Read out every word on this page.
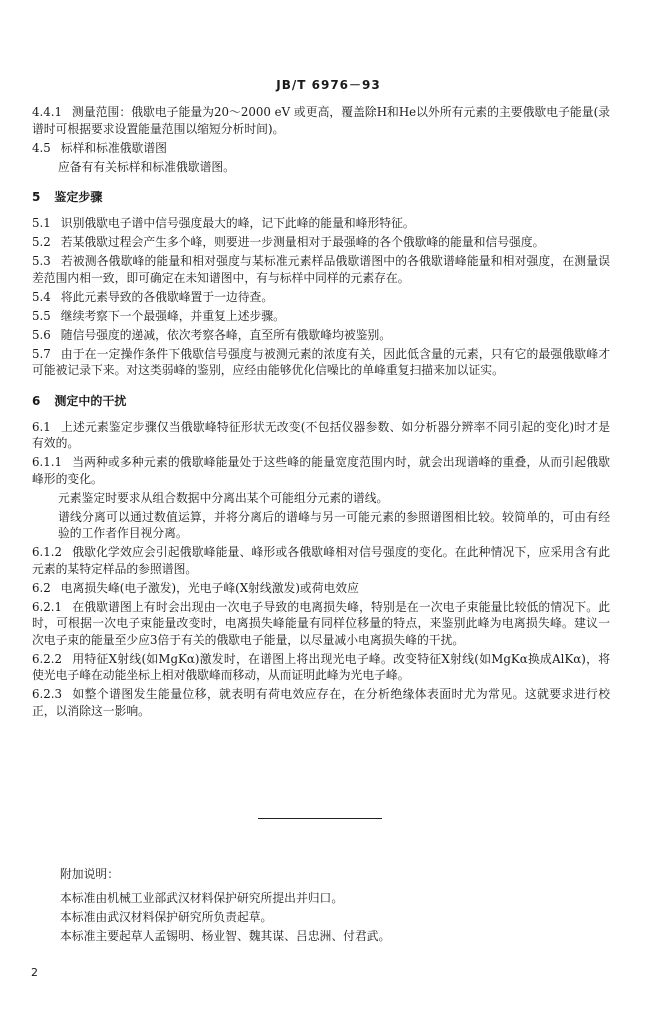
JB/T 6976－93
4.4.1 测量范围：俄歇电子能量为20～2000 eV 或更高，覆盖除H和He以外所有元素的主要俄歇电子能量(录谱时可根据要求设置能量范围以缩短分析时间)。
4.5 标样和标准俄歇谱图
应备有有关标样和标准俄歇谱图。
5 鉴定步骤
5.1 识别俄歇电子谱中信号强度最大的峰，记下此峰的能量和峰形特征。
5.2 若某俄歇过程会产生多个峰，则要进一步测量相对于最强峰的各个俄歇峰的能量和信号强度。
5.3 若被测各俄歇峰的能量和相对强度与某标准元素样品俄歇谱图中的各俄歇谱峰能量和相对强度，在测量误差范围内相一致，即可确定在未知谱图中，有与标样中同样的元素存在。
5.4 将此元素导致的各俄歇峰置于一边待查。
5.5 继续考察下一个最强峰，并重复上述步骤。
5.6 随信号强度的递减，依次考察各峰，直至所有俄歇峰均被鉴别。
5.7 由于在一定操作条件下俄歇信号强度与被测元素的浓度有关，因此低含量的元素，只有它的最强俄歇峰才可能被记录下来。对这类弱峰的鉴别，应经由能够优化信噪比的单峰重复扫描来加以证实。
6 测定中的干扰
6.1 上述元素鉴定步骤仅当俄歇峰特征形状无改变(不包括仪器参数、如分析器分辨率不同引起的变化)时才是有效的。
6.1.1 当两种或多种元素的俄歇峰能量处于这些峰的能量宽度范围内时，就会出现谱峰的重叠，从而引起俄歇峰形的变化。
元素鉴定时要求从组合数据中分离出某个可能组分元素的谱线。
谱线分离可以通过数值运算，并将分离后的谱峰与另一可能元素的参照谱图相比较。较简单的，可由有经验的工作者作目视分离。
6.1.2 俄歇化学效应会引起俄歇峰能量、峰形或各俄歇峰相对信号强度的变化。在此种情况下，应采用含有此元素的某特定样品的参照谱图。
6.2 电离损失峰(电子激发)，光电子峰(X射线激发)或荷电效应
6.2.1 在俄歇谱图上有时会出现由一次电子导致的电离损失峰，特别是在一次电子束能量比较低的情况下。此时，可根据一次电子束能量改变时，电离损失峰能量有同样位移量的特点，来鉴别此峰为电离损失峰。建议一次电子束的能量至少应3倍于有关的俄歇电子能量，以尽量减小电离损失峰的干扰。
6.2.2 用特征X射线(如MgKα)激发时，在谱图上将出现光电子峰。改变特征X射线(如MgKα换成AlKα)，将使光电子峰在动能坐标上相对俄歇峰而移动，从而证明此峰为光电子峰。
6.2.3 如整个谱图发生能量位移，就表明有荷电效应存在，在分析绝缘体表面时尤为常见。这就要求进行校正，以消除这一影响。
附加说明：
本标准由机械工业部武汉材料保护研究所提出并归口。
本标准由武汉材料保护研究所负责起草。
本标准主要起草人孟锡明、杨业智、魏其谋、吕忠洲、付君武。
2
